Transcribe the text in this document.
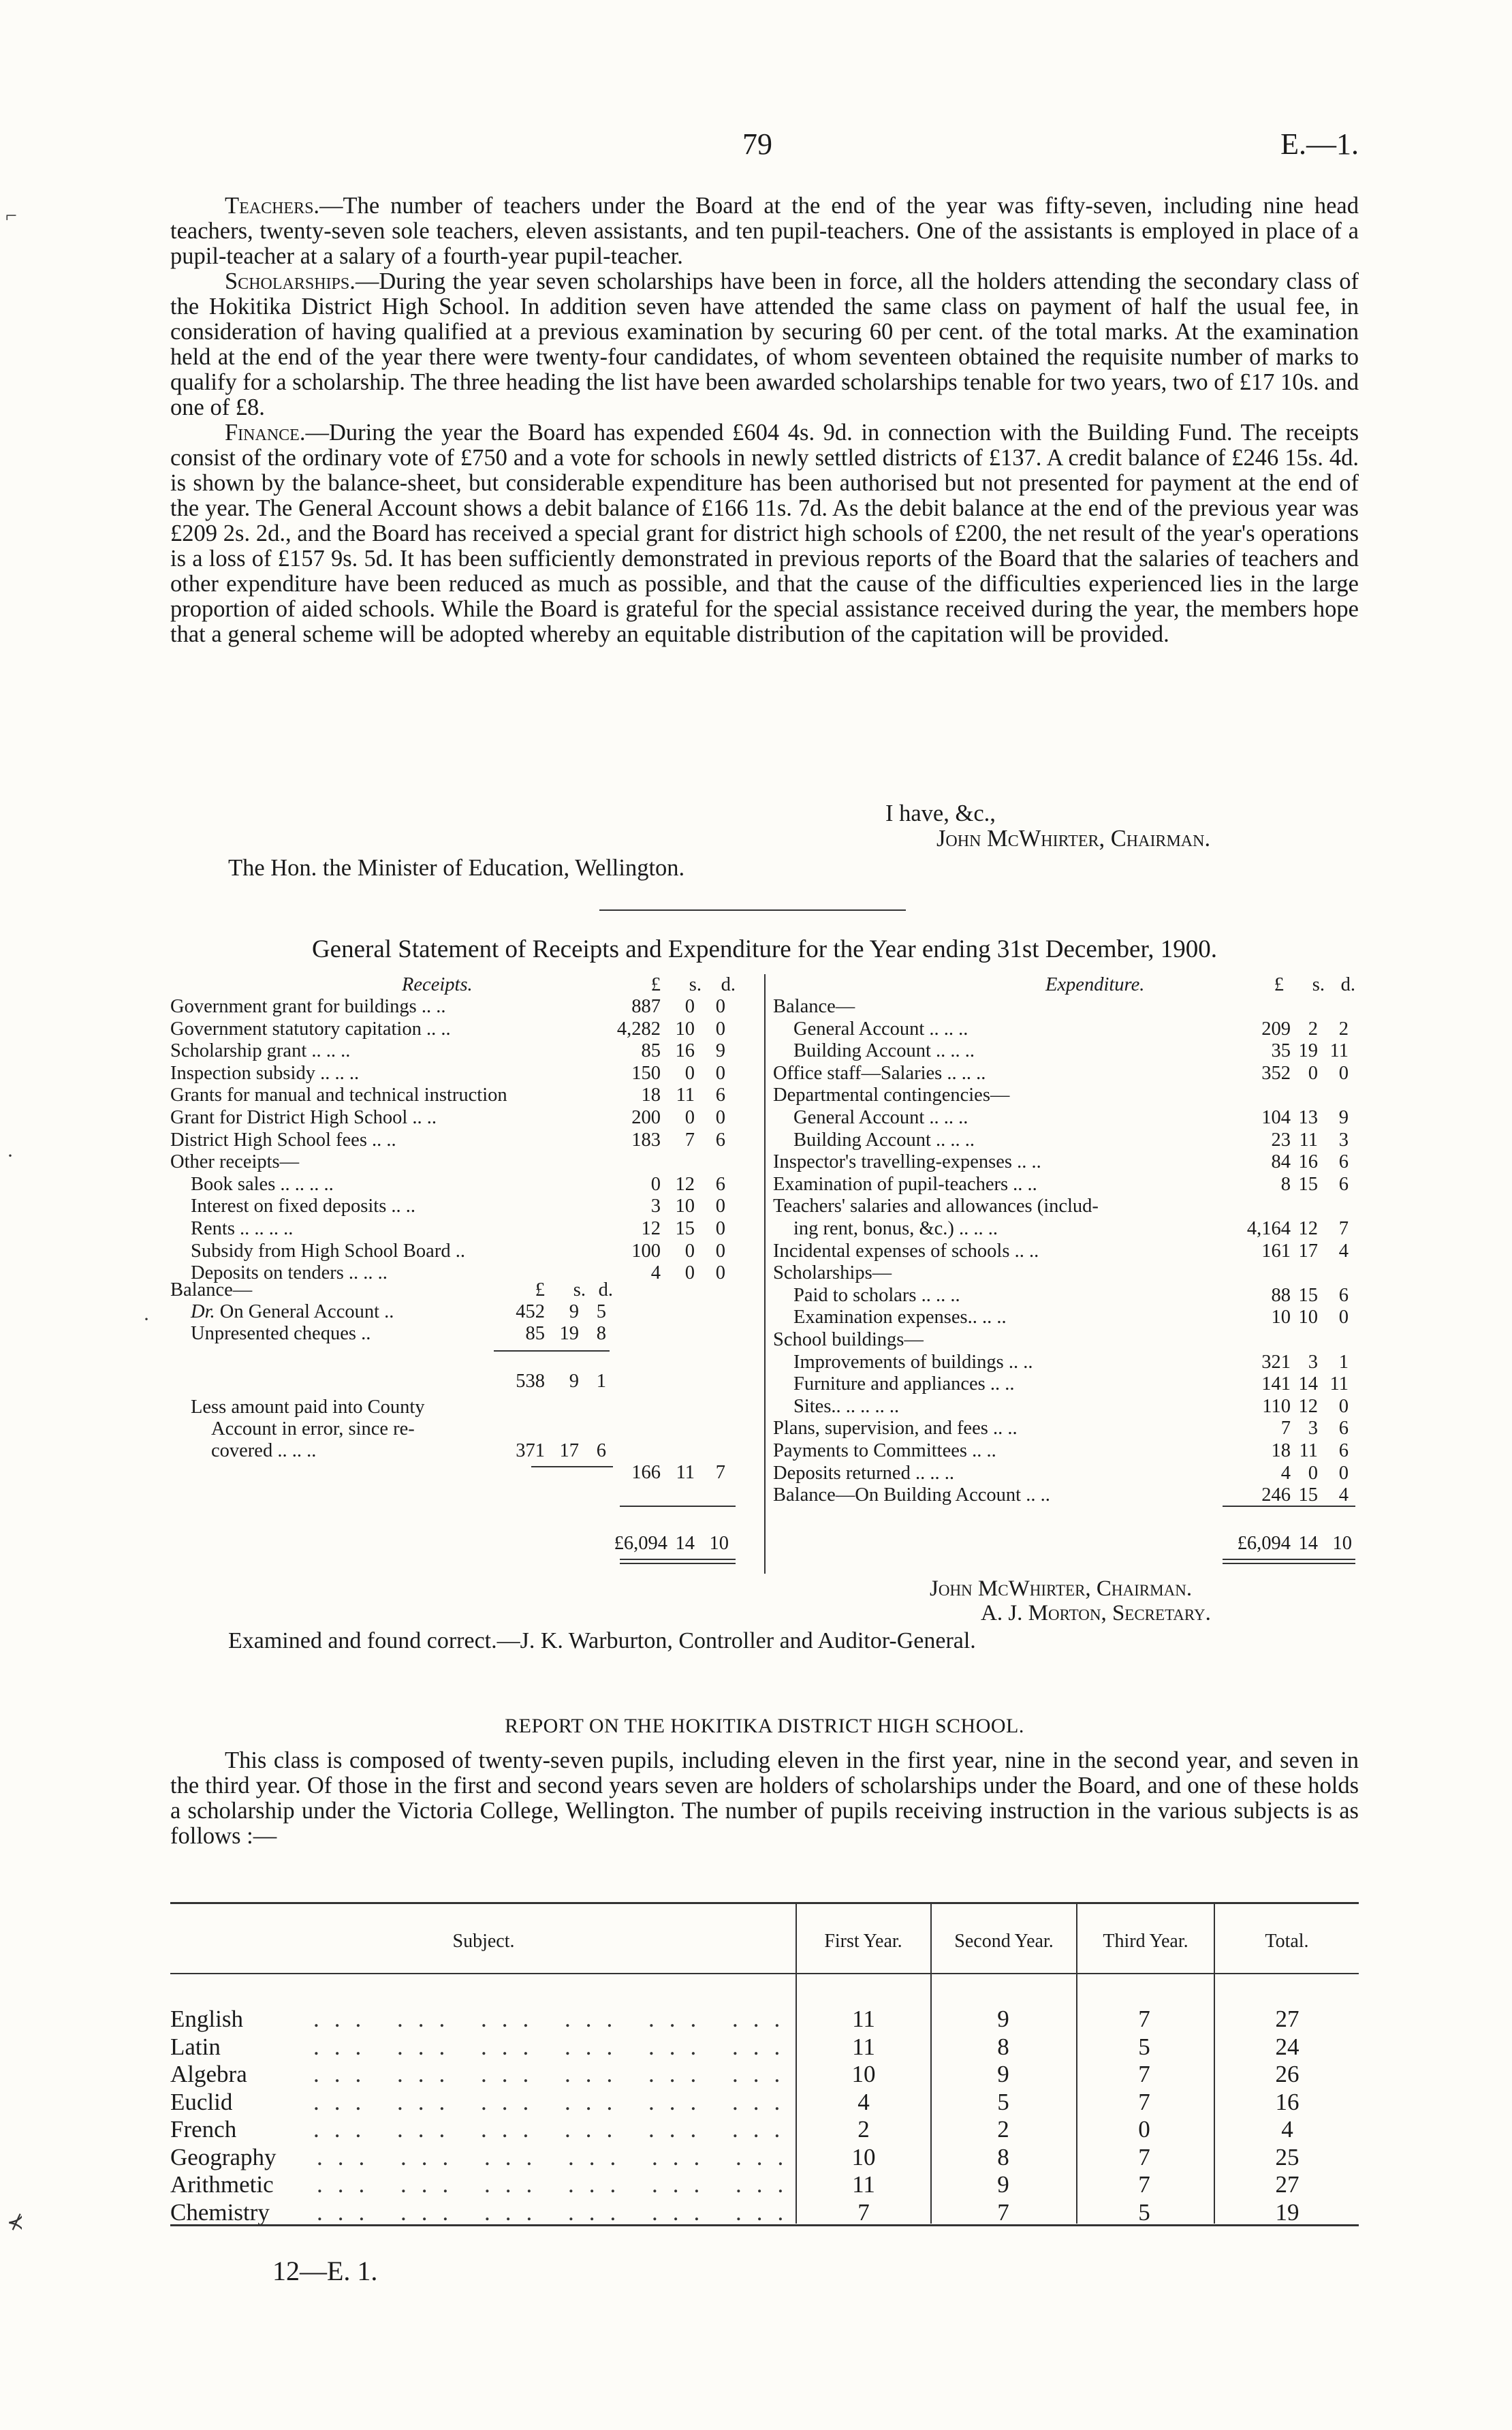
79	E.—1.

Teachers.—The number of teachers under the Board at the end of the year was fifty-seven, including nine head teachers, twenty-seven sole teachers, eleven assistants, and ten pupil-teachers. One of the assistants is employed in place of a pupil-teacher at a salary of a fourth-year pupil-teacher.

Scholarships.—During the year seven scholarships have been in force, all the holders attending the secondary class of the Hokitika District High School. In addition seven have attended the same class on payment of half the usual fee, in consideration of having qualified at a previous examination by securing 60 per cent. of the total marks. At the examination held at the end of the year there were twenty-four candidates, of whom seventeen obtained the requisite number of marks to qualify for a scholarship. The three heading the list have been awarded scholarships tenable for two years, two of £17 10s. and one of £8.

Finance.—During the year the Board has expended £604 4s. 9d. in connection with the Building Fund. The receipts consist of the ordinary vote of £750 and a vote for schools in newly settled districts of £137. A credit balance of £246 15s. 4d. is shown by the balance-sheet, but considerable expenditure has been authorised but not presented for payment at the end of the year. The General Account shows a debit balance of £166 11s. 7d. As the debit balance at the end of the previous year was £209 2s. 2d., and the Board has received a special grant for district high schools of £200, the net result of the year's operations is a loss of £157 9s. 5d. It has been sufficiently demonstrated in previous reports of the Board that the salaries of teachers and other expenditure have been reduced as much as possible, and that the cause of the difficulties experienced lies in the large proportion of aided schools. While the Board is grateful for the special assistance received during the year, the members hope that a general scheme will be adopted whereby an equitable distribution of the capitation will be provided.

I have, &c.,
John McWhirter, Chairman.
The Hon. the Minister of Education, Wellington.
General Statement of Receipts and Expenditure for the Year ending 31st December, 1900.
Receipts.	£	s.	d.
Government grant for buildings .. ..	887	0	0
Government statutory capitation .. ..	4,282 10	0
Scholarship grant .. .. ..	85 16	9
Inspection subsidy .. .. ..	150	0	0
Grants for manual and technical instruction	18 11	6
Grant for District High School .. ..	200	0	0
District High School fees .. ..	183	7	6
Other receipts—
Book sales .. .. .. ..	0 12	6
Interest on fixed deposits .. ..	3 10	0
Rents .. .. .. ..	12 15	0
Subsidy from High School Board ..	100	0	0
Deposits on tenders .. .. ..	4	0	0
Balance—	£	s. d.
Dr. On General Account ..	452	9 5
Unpresented cheques ..	85 19 8
538	9 1
Less amount paid into County
Account in error, since re-
covered .. .. ..	371 17 6
166 11	7
£6,094 14 10
Expenditure.	£	s. d.
Balance—
General Account .. .. ..	209 2	2
Building Account .. .. ..	35 19 11
Office staff—Salaries .. .. ..	352 0	0
Departmental contingencies—
General Account .. .. ..	104 13	9
Building Account .. .. ..	23 11	3
Inspector's travelling-expenses .. ..	84 16	6
Examination of pupil-teachers .. ..	8 15	6
Teachers' salaries and allowances (includ-
ing rent, bonus, &c.) .. .. ..	4,164 12	7
Incidental expenses of schools .. ..	161 17	4
Scholarships—
Paid to scholars .. .. ..	88 15	6
Examination expenses.. .. ..	10 10	0
School buildings—
Improvements of buildings .. ..	321 3	1
Furniture and appliances .. ..	141 14 11
Sites.. .. .. .. ..	110 12	0
Plans, supervision, and fees .. ..	7 3	6
Payments to Committees .. ..	18 11	6
Deposits returned .. .. ..	4 0	0
Balance—On Building Account .. ..	246 15	4
£6,094 14 10
John McWhirter, Chairman.
A. J. Morton, Secretary.
Examined and found correct.—J. K. Warburton, Controller and Auditor-General.
REPORT ON THE HOKITIKA DISTRICT HIGH SCHOOL.

This class is composed of twenty-seven pupils, including eleven in the first year, nine in the second year, and seven in the third year. Of those in the first and second years seven are holders of scholarships under the Board, and one of these holds a scholarship under the Victoria College, Wellington. The number of pupils receiving instruction in the various subjects is as follows :—

Subject.	First Year.	Second Year.	Third Year.	Total.
English	... ... ... ... ... ...	11	9	7	27
Latin	... ... ... ... ... ...	11	8	5	24
Algebra	... ... ... ... ... ...	10	9	7	26
Euclid	... ... ... ... ... ...	4	5	7	16
French	... ... ... ... ... ...	2	2	0	4
Geography ... ... ... ... ... ...	10	8	7	25
Arithmetic ... ... ... ... ... ...	11	9	7	27
Chemistry ... ... ... ... ... ...	7	7	5	19
12—E. 1.
⌐
·
·
⊀
